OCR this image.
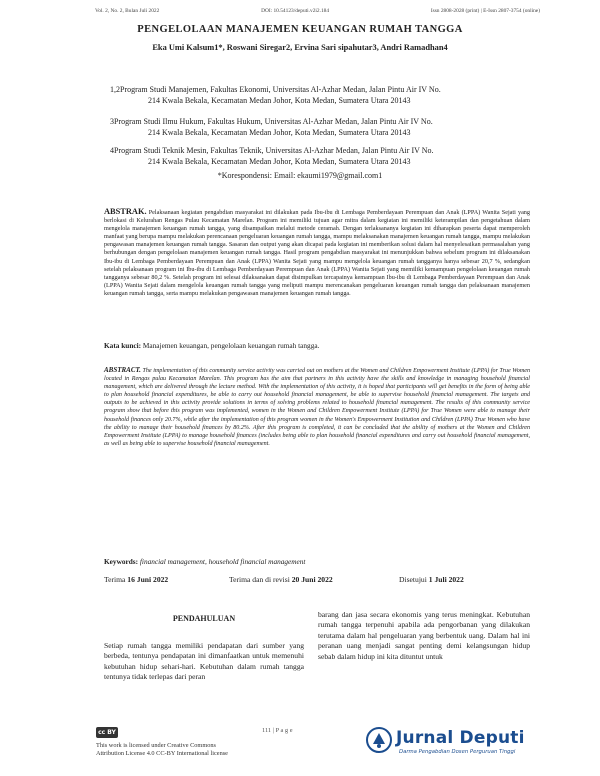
Vol. 2, No. 2, Bulan Juli 2022	DOI: 10.54123/deputi.v2i2.184	Issn 2808-2028 (print) | E-Issn 2807-3754 (online)
PENGELOLAAN MANAJEMEN KEUANGAN RUMAH TANGGA
Eka Umi Kalsum1*, Roswani Siregar2, Ervina Sari sipahutar3, Andri Ramadhan4
1,2Program Studi Manajemen, Fakultas Ekonomi, Universitas Al-Azhar Medan, Jalan Pintu Air IV No.
214 Kwala Bekala, Kecamatan Medan Johor, Kota Medan, Sumatera Utara 20143
3Program Studi Ilmu Hukum, Fakultas Hukum, Universitas Al-Azhar Medan, Jalan Pintu Air IV No.
214 Kwala Bekala, Kecamatan Medan Johor, Kota Medan, Sumatera Utara 20143
4Program Studi Teknik Mesin, Fakultas Teknik, Universitas Al-Azhar Medan, Jalan Pintu Air IV No.
214 Kwala Bekala, Kecamatan Medan Johor, Kota Medan, Sumatera Utara 20143
*Korespondensi: Email: ekaumi1979@gmail.com1
ABSTRAK. Pelaksanaan kegiatan pengabdian masyarakat ini dilakukan pada Ibu-ibu di Lembaga Pemberdayaan Perempuan dan Anak (LPPA) Wanita Sejati yang berlokasi di Kelurahan Rengas Pulau Kecamatan Marelan. Program ini memiliki tujuan agar mitra dalam kegiatan ini memiliki keterampilan dan pengetahuan dalam mengelola manajemen keuangan rumah tangga, yang disampaikan melalui metode ceramah. Dengan terlaksananya kegiatan ini diharapkan peserta dapat memperoleh manfaat yang berupa mampu melakukan perencanaan pengeluaran keuangan rumah tangga, mampu melaksanakan manajemen keuangan rumah tangga, mampu melakukan pengawasan manajemen keuangan rumah tangga. Sasaran dan output yang akan dicapai pada kegiatan ini memberikan solusi dalam hal menyelesaikan permasalahan yang berhubungan dengan pengelolaan manajemen keuangan rumah tangga. Hasil program pengabdian masyarakat ini menunjukkan bahwa sebelum program ini dilaksanakan Ibu-ibu di Lembaga Pemberdayaan Perempuan dan Anak (LPPA) Wanita Sejati yang mampu mengelola keuangan rumah tangganya hanya sebesar 20,7 %, sedangkan setelah pelaksanaan program ini Ibu-ibu di Lembaga Pemberdayaan Perempuan dan Anak (LPPA) Wanita Sejati yang memiliki kemampuan pengelolaan keuangan rumah tangganya sebesar 80,2 %. Setelah program ini selesai dilaksanakan dapat disimpulkan tercapainya kemampuan Ibu-ibu di Lembaga Pemberdayaan Perempuan dan Anak (LPPA) Wanita Sejati dalam mengelola keuangan rumah tangga yang meliputi mampu merencanakan pengeluaran keuangan rumah tangga dan pelaksanaan manajemen keuangan rumah tangga, serta mampu melakukan pengawasan manajemen keuangan rumah tangga.
Kata kunci: Manajemen keuangan, pengelolaan keuangan rumah tangga.
ABSTRACT. The implementation of this community service activity was carried out on mothers at the Women and Children Empowerment Institute (LPPA) for True Women located in Rengas pulau Kecamatan Marelan. This program has the aim that partners in this activity have the skills and knowledge in managing household financial management, which are delivered through the lecture method. With the implementation of this activity, it is hoped that participants will get benefits in the form of being able to plan household financial expenditures, be able to carry out household financial management, be able to supervise household financial management. The targets and outputs to be achieved in this activity provide solutions in terms of solving problems related to household financial management. The results of this community service program show that before this program was implemented, women in the Women and Children Empowerment Institute (LPPA) for True Women were able to manage their household finances only 20.7%, while after the implementation of this program women in the Women's Empowerment Institution and Children (LPPA) True Women who have the ability to manage their household finances by 80.2%. After this program is completed, it can be concluded that the ability of mothers at the Women and Children Empowerment Institute (LPPA) to manage household finances (includes being able to plan household financial expenditures and carry out household financial management, as well as being able to supervise household financial management.
Keywords: financial management, household financial management
Terima 16 Juni 2022	Terima dan di revisi 20 Juni 2022	Disetujui 1 Juli 2022
PENDAHULUAN

Setiap rumah tangga memiliki pendapatan dari sumber yang berbeda, tentunya pendapatan ini dimanfaatkan untuk memenuhi kebutuhan hidup sehari-hari. Kebutuhan dalam rumah tangga tentunya tidak terlepas dari peran

barang dan jasa secara ekonomis yang terus meningkat. Kebutuhan rumah tangga terpenuhi apabila ada pengorbanan yang dilakukan terutama dalam hal pengeluaran yang berbentuk uang. Dalam hal ini peranan uang menjadi sangat penting demi kelangsungan hidup sebab dalam hidup ini kita dituntut untuk

111 | P a g e
cc BY
This work is licensed under Creative Commons
Attribution License 4.0 CC-BY International license
Jurnal Deputi
Darma Pengabdian Dosen Perguruan Tinggi
